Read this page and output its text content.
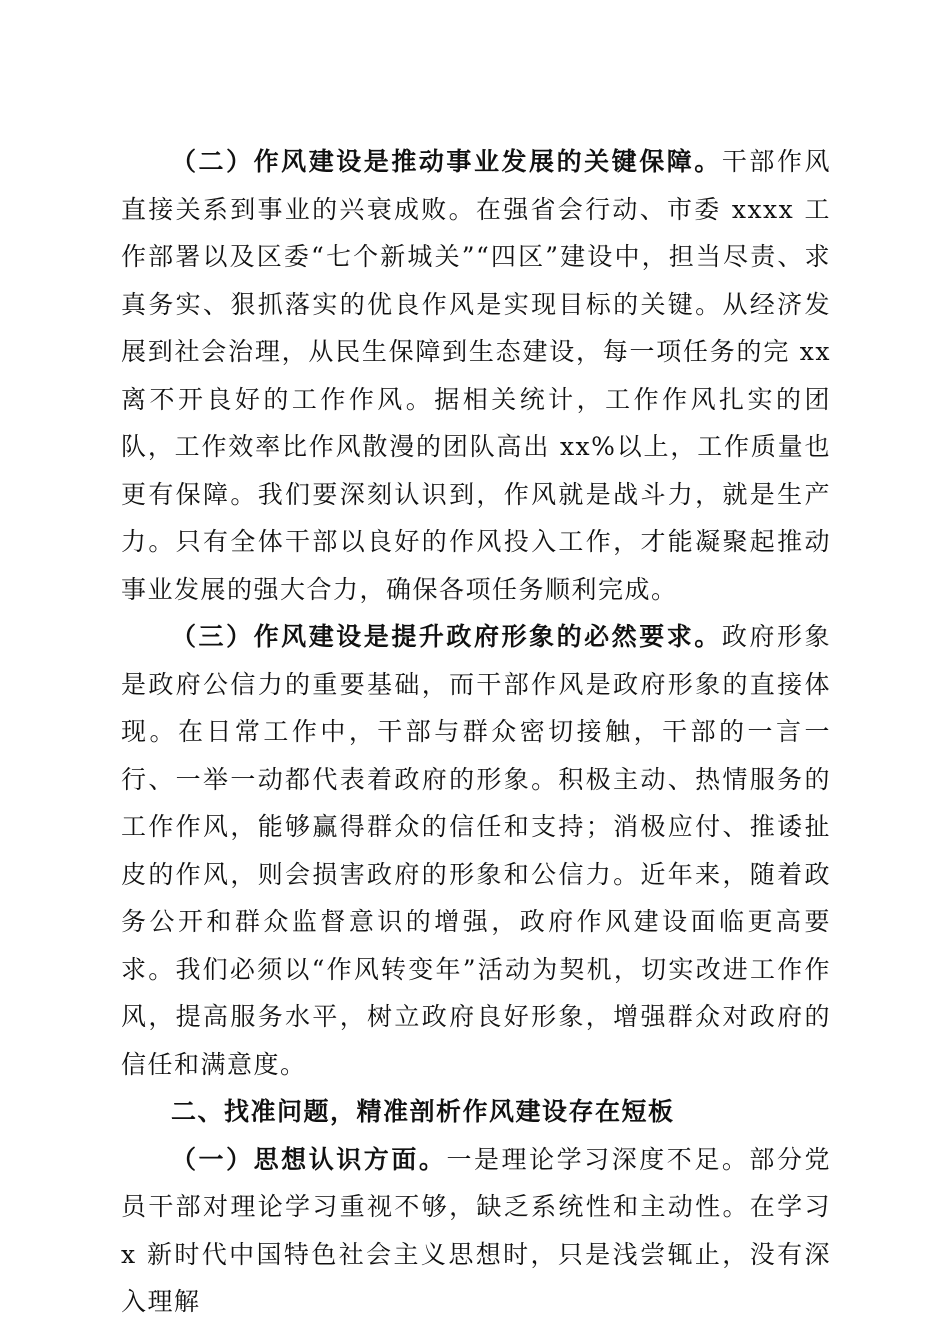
（二）作风建设是推动事业发展的关键保障。干部作风直接关系到事业的兴衰成败。在强省会行动、市委 xxxx 工作部署以及区委“七个新城关”“四区”建设中，担当尽责、求真务实、狠抓落实的优良作风是实现目标的关键。从经济发展到社会治理，从民生保障到生态建设，每一项任务的完 xx 离不开良好的工作作风。据相关统计，工作作风扎实的团队，工作效率比作风散漫的团队高出 xx%以上，工作质量也更有保障。我们要深刻认识到，作风就是战斗力，就是生产力。只有全体干部以良好的作风投入工作，才能凝聚起推动事业发展的强大合力，确保各项任务顺利完成。

（三）作风建设是提升政府形象的必然要求。政府形象是政府公信力的重要基础，而干部作风是政府形象的直接体现。在日常工作中，干部与群众密切接触，干部的一言一行、一举一动都代表着政府的形象。积极主动、热情服务的工作作风，能够赢得群众的信任和支持；消极应付、推诿扯皮的作风，则会损害政府的形象和公信力。近年来，随着政务公开和群众监督意识的增强，政府作风建设面临更高要求。我们必须以“作风转变年”活动为契机，切实改进工作作风，提高服务水平，树立政府良好形象，增强群众对政府的信任和满意度。

二、找准问题，精准剖析作风建设存在短板

（一）思想认识方面。一是理论学习深度不足。部分党员干部对理论学习重视不够，缺乏系统性和主动性。在学习 x 新时代中国特色社会主义思想时，只是浅尝辄止，没有深入理解
